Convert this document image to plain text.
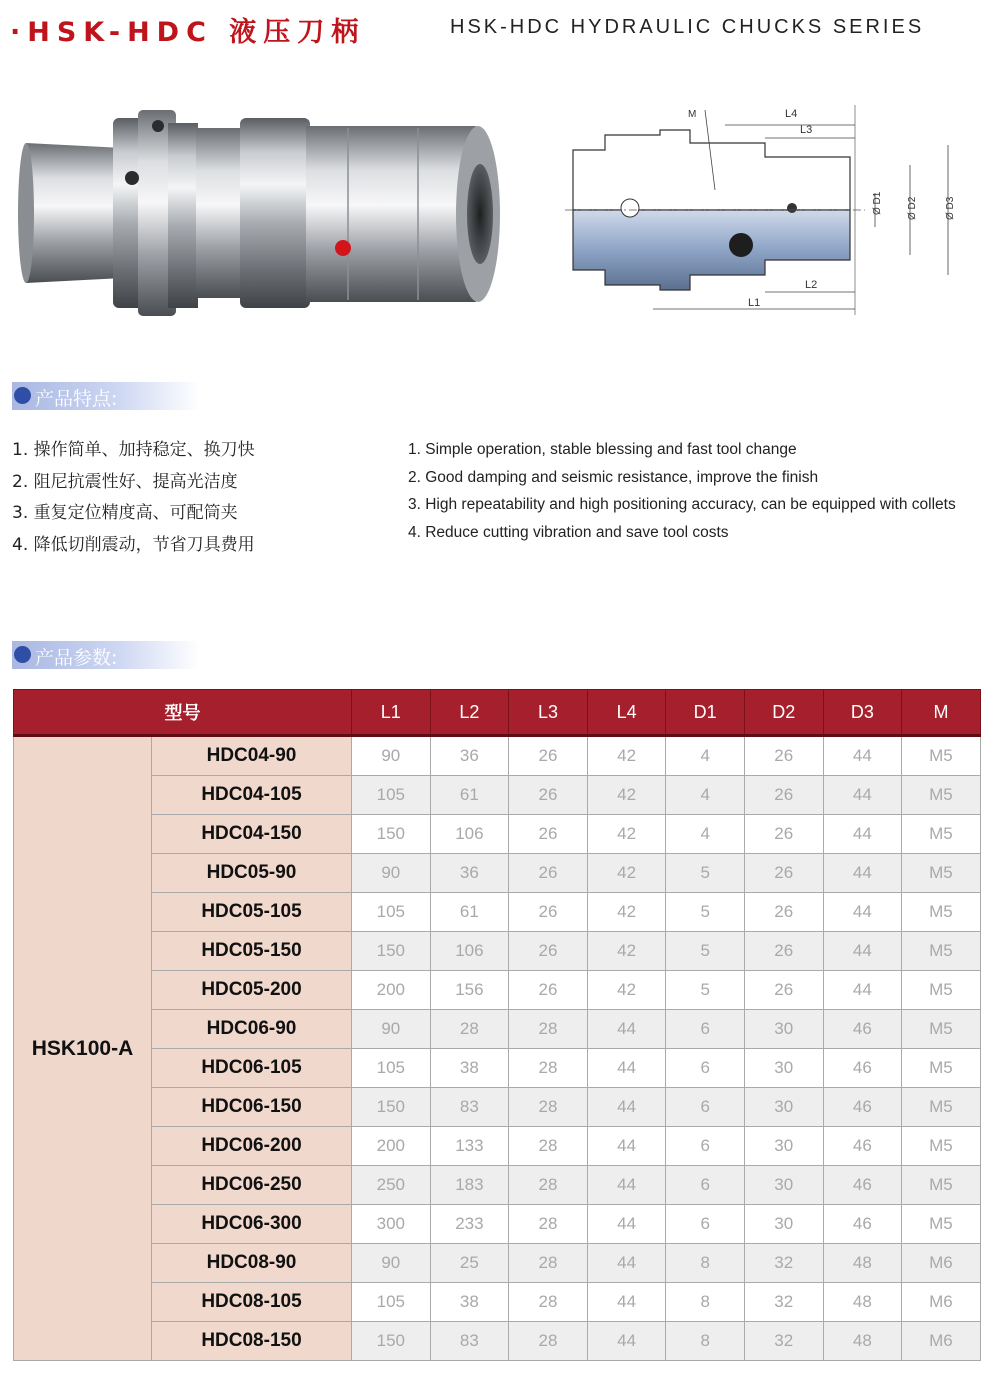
·HSK-HDC 液压刀柄	HSK-HDC HYDRAULIC CHUCKS SERIES
M	L4
L3
L2
L1
Ø D1 Ø D2	Ø D3
产品特点:
1. 操作简单、加持稳定、换刀快
2. 阻尼抗震性好、提高光洁度
3. 重复定位精度高、可配筒夹
4. 降低切削震动，节省刀具费用
1. Simple operation, stable blessing and fast tool change
2. Good damping and seismic resistance, improve the finish
3. High repeatability and high positioning accuracy, can be equipped with collets
4. Reduce cutting vibration and save tool costs
产品参数:
型号		L1	L2	L3	L4	D1	D2	D3	M
HSK100-A	HDC04-90	90	36	26	42	4	26	44	M5
	HDC04-105	105	61	26	42	4	26	44	M5
	HDC04-150	150	106	26	42	4	26	44	M5
	HDC05-90	90	36	26	42	5	26	44	M5
	HDC05-105	105	61	26	42	5	26	44	M5
	HDC05-150	150	106	26	42	5	26	44	M5
	HDC05-200	200	156	26	42	5	26	44	M5
	HDC06-90	90	28	28	44	6	30	46	M5
	HDC06-105	105	38	28	44	6	30	46	M5
	HDC06-150	150	83	28	44	6	30	46	M5
	HDC06-200	200	133	28	44	6	30	46	M5
	HDC06-250	250	183	28	44	6	30	46	M5
	HDC06-300	300	233	28	44	6	30	46	M5
	HDC08-90	90	25	28	44	8	32	48	M6
	HDC08-105	105	38	28	44	8	32	48	M6
	HDC08-150	150	83	28	44	8	32	48	M6
